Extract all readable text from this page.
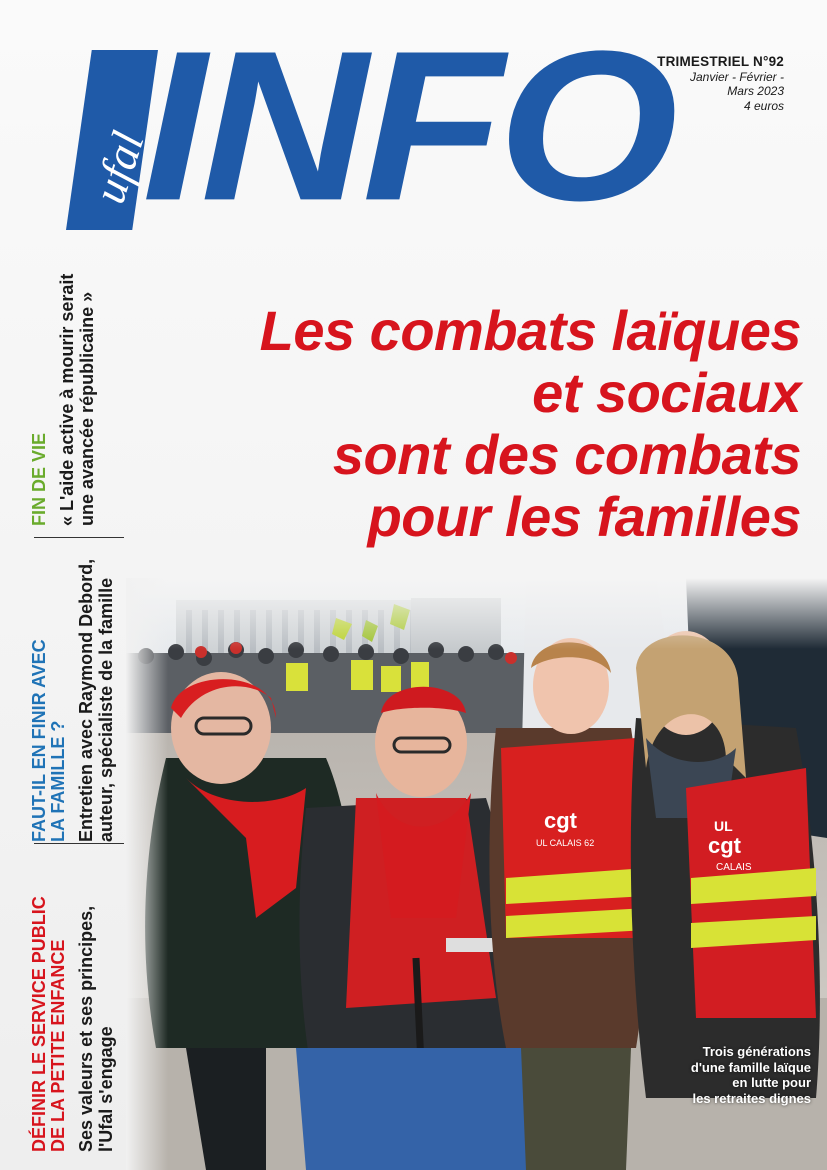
ufal
INFO
TRIMESTRIEL N°92
Janvier - Février -
Mars 2023
4 euros
Les combats laïques
et sociaux
sont des combats
pour les familles
FIN DE VIE « L'aide active à mourir serait une avancée républicaine »
FAUT-IL EN FINIR AVEC LA FAMILLE ? Entretien avec Raymond Debord, auteur, spécialiste de la famille
DÉFINIR LE SERVICE PUBLIC DE LA PETITE ENFANCE Ses valeurs et ses principes, l'Ufal s'engage	Trois générations
d'une famille laïque
en lutte pour
les retraites dignes
